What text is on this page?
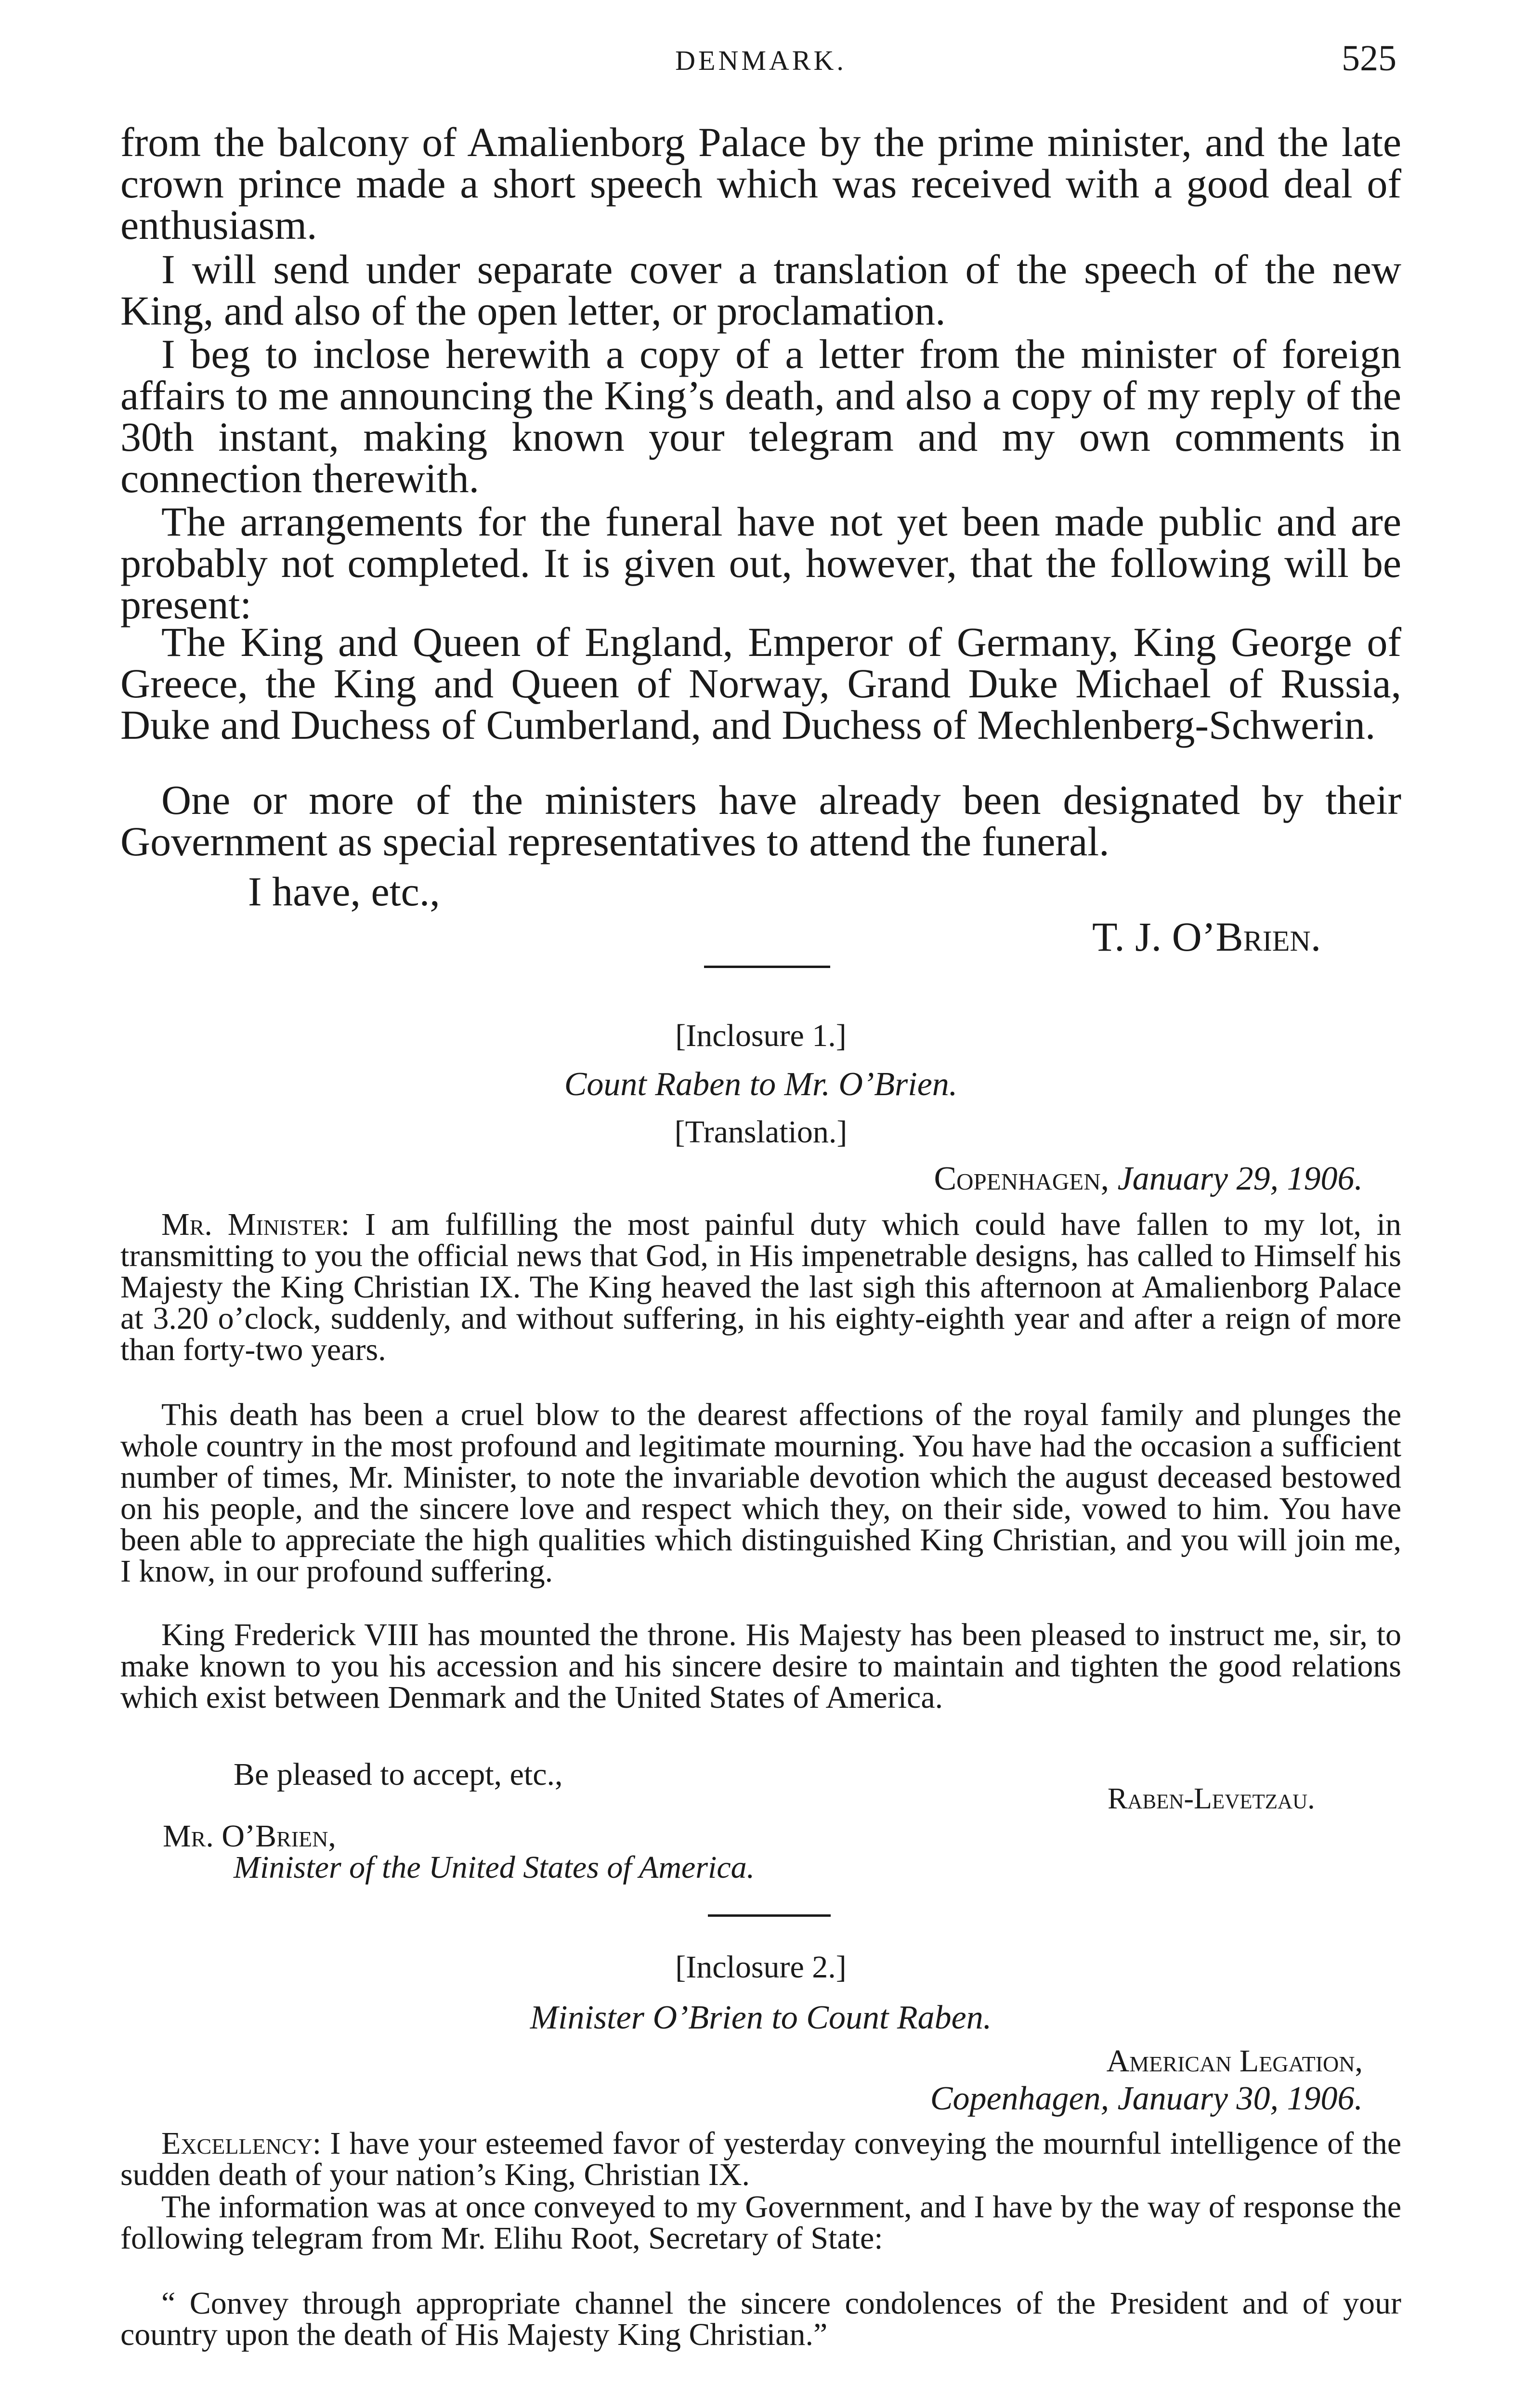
DENMARK.	525

from the balcony of Amalienborg Palace by the prime minister, and the late crown prince made a short speech which was received with a good deal of enthusiasm.

I will send under separate cover a translation of the speech of the new King, and also of the open letter, or proclamation.

I beg to inclose herewith a copy of a letter from the minister of foreign affairs to me announcing the King’s death, and also a copy of my reply of the 30th instant, making known your telegram and my own comments in connection therewith.

The arrangements for the funeral have not yet been made public and are probably not completed. It is given out, however, that the following will be present:

The King and Queen of England, Emperor of Germany, King George of Greece, the King and Queen of Norway, Grand Duke Michael of Russia, Duke and Duchess of Cumberland, and Duchess of Mechlenberg-Schwerin.

One or more of the ministers have already been designated by their Government as special representatives to attend the funeral.

I have, etc.,

T. J. O’Brien.

[Inclosure 1.]

Count Raben to Mr. O’Brien.

[Translation.]

Copenhagen, January 29, 1906.

Mr. Minister: I am fulfilling the most painful duty which could have fallen to my lot, in transmitting to you the official news that God, in His impenetrable designs, has called to Himself his Majesty the King Christian IX. The King heaved the last sigh this afternoon at Amalienborg Palace at 3.20 o’clock, suddenly, and without suffering, in his eighty-eighth year and after a reign of more than forty-two years.

This death has been a cruel blow to the dearest affections of the royal family and plunges the whole country in the most profound and legitimate mourning. You have had the occasion a sufficient number of times, Mr. Minister, to note the invariable devotion which the august deceased bestowed on his people, and the sincere love and respect which they, on their side, vowed to him. You have been able to appreciate the high qualities which distinguished King Christian, and you will join me, I know, in our profound suffering.

King Frederick VIII has mounted the throne. His Majesty has been pleased to instruct me, sir, to make known to you his accession and his sincere desire to maintain and tighten the good relations which exist between Denmark and the United States of America.

Be pleased to accept, etc.,

Raben-Levetzau.

Mr. O’Brien,

Minister of the United States of America.

[Inclosure 2.]

Minister O’Brien to Count Raben.

American Legation,

Copenhagen, January 30, 1906.

Excellency: I have your esteemed favor of yesterday conveying the mournful intelligence of the sudden death of your nation’s King, Christian IX.

The information was at once conveyed to my Government, and I have by the way of response the following telegram from Mr. Elihu Root, Secretary of State:

“ Convey through appropriate channel the sincere condolences of the President and of your country upon the death of His Majesty King Christian.”
